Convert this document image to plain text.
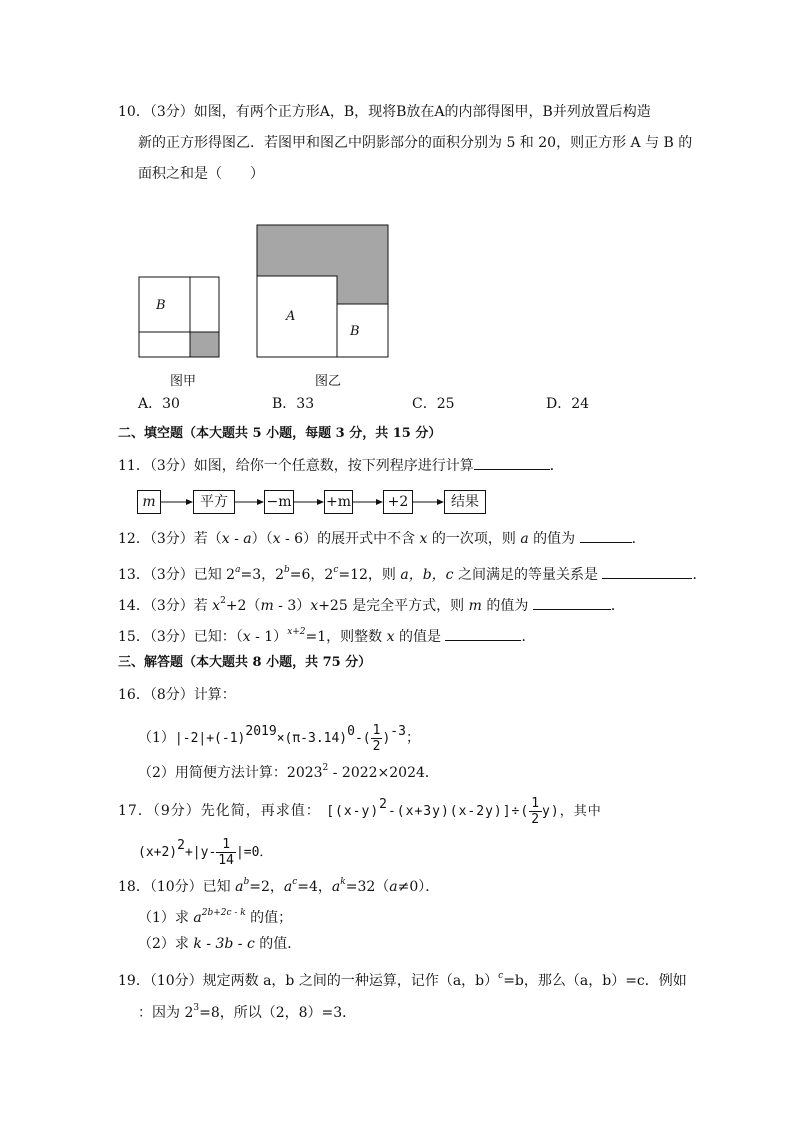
10．（3分）如图，有两个正方形A，B，现将B放在A的内部得图甲，B并列放置后构造
新的正方形得图乙．若图甲和图乙中阴影部分的面积分别为 5 和 20，则正方形 A 与 B 的
面积之和是（　　）
B
图甲
A
B
图乙
A．30	B．33	C．25	D．24
二、填空题（本大题共 5 小题，每题 3 分，共 15 分）
11．（3分）如图，给你一个任意数，按下列程序进行计算	．
m	平方	−m +m	+2	结果
12．（3分）若（x - a）（x - 6）的展开式中不含 x 的一次项，则 a 的值为	．
13．（3分）已知 $2^a=3$，$2^b=6$，$2^c=12$，则 a，b，c 之间满足的等量关系是	．
14．（3分）若 $x^2+2(m - 3)x+25$ 是完全平方式，则 m 的值为	．
15．（3分）已知：（x - 1）$^{x+2}$=1，则整数 x 的值是	．
三、解答题（本大题共 8 小题，共 75 分）
16．（8分）计算：
$(1)|-2|+(-1)2019\times(\pi-3.14)0-( \frac{1}{2} )-3$；
（2）用简便方法计算：2023$^2$ - 2022×2024．
17．（9分）先化简，再求值： $[(x-y)2-(x+3y)(x-2y)]\div( \frac{1}{2} y)$，其中
$(x+2)2+|y- \frac{1}{14} |=0$．
18．（10分）已知 $a^b=2$，$a^c=4$，$a^k=32(a\ne 0)$．
（1）求 $a^{2b+2c - k}$ 的值；
（2）求 k - 3b - c 的值．
19．（10分）规定两数 a，b 之间的一种运算，记作（a，b）$^c$=b，那么（a，b）=c．例如
：因为 $2^3=8$，所以（2，8）=3．
